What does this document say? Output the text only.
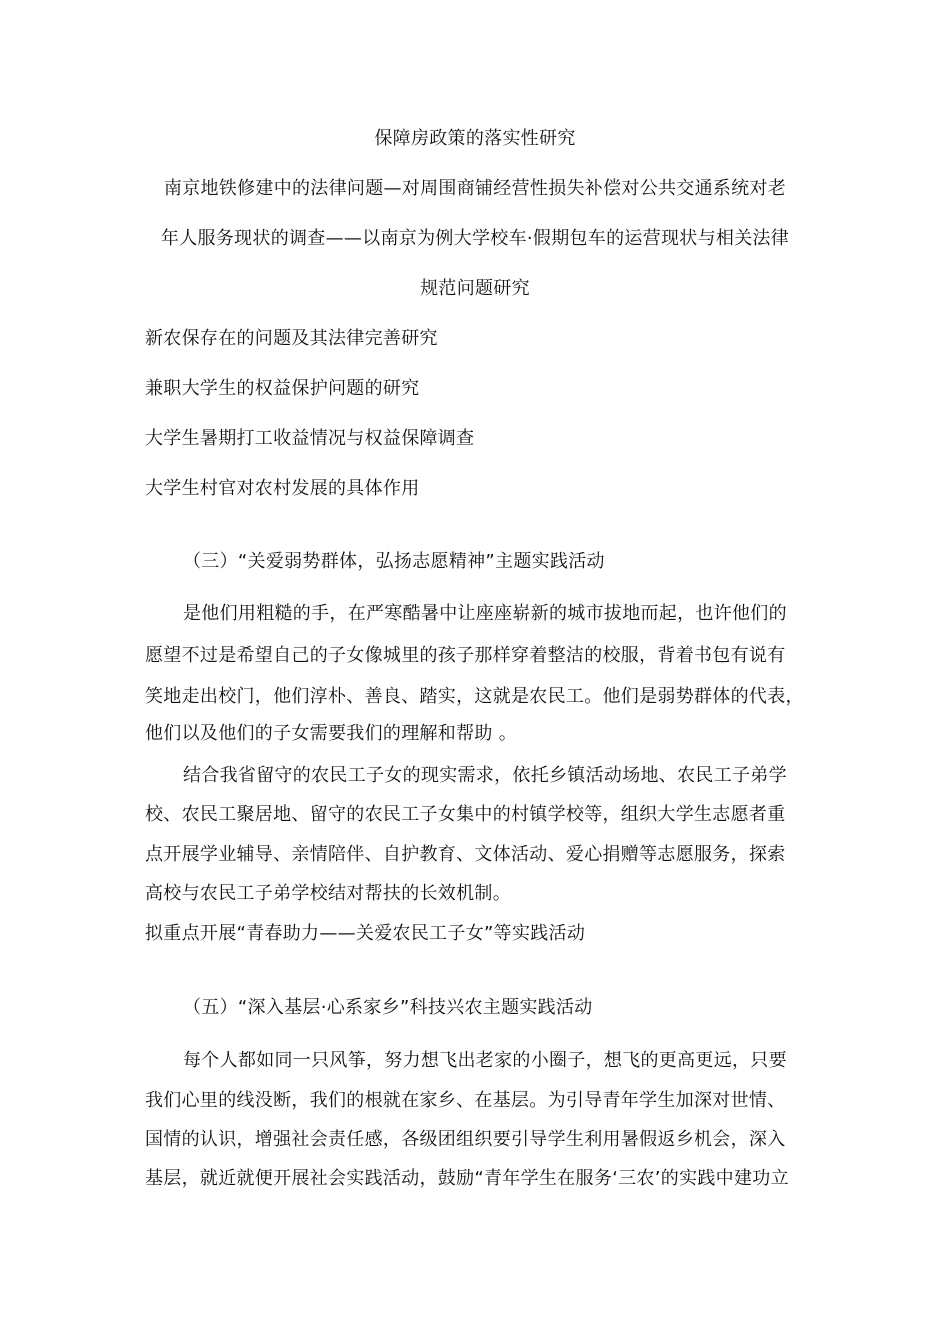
保障房政策的落实性研究
南京地铁修建中的法律问题—对周围商铺经营性损失补偿对公共交通系统对老
年人服务现状的调查——以南京为例大学校车·假期包车的运营现状与相关法律
规范问题研究
新农保存在的问题及其法律完善研究
兼职大学生的权益保护问题的研究
大学生暑期打工收益情况与权益保障调查
大学生村官对农村发展的具体作用
（三）“关爱弱势群体，弘扬志愿精神”主题实践活动
是他们用粗糙的手，在严寒酷暑中让座座崭新的城市拔地而起，也许他们的
愿望不过是希望自己的子女像城里的孩子那样穿着整洁的校服，背着书包有说有
笑地走出校门，他们淳朴、善良、踏实，这就是农民工。他们是弱势群体的代表，
他们以及他们的子女需要我们的理解和帮助 。
结合我省留守的农民工子女的现实需求，依托乡镇活动场地、农民工子弟学
校、农民工聚居地、留守的农民工子女集中的村镇学校等，组织大学生志愿者重
点开展学业辅导、亲情陪伴、自护教育、文体活动、爱心捐赠等志愿服务，探索
高校与农民工子弟学校结对帮扶的长效机制。
拟重点开展“青春助力——关爱农民工子女”等实践活动
（五）“深入基层·心系家乡”科技兴农主题实践活动
每个人都如同一只风筝，努力想飞出老家的小圈子，想飞的更高更远，只要
我们心里的线没断，我们的根就在家乡、在基层。为引导青年学生加深对世情、
国情的认识，增强社会责任感，各级团组织要引导学生利用暑假返乡机会，深入
基层，就近就便开展社会实践活动，鼓励“青年学生在服务‘三农’的实践中建功立
